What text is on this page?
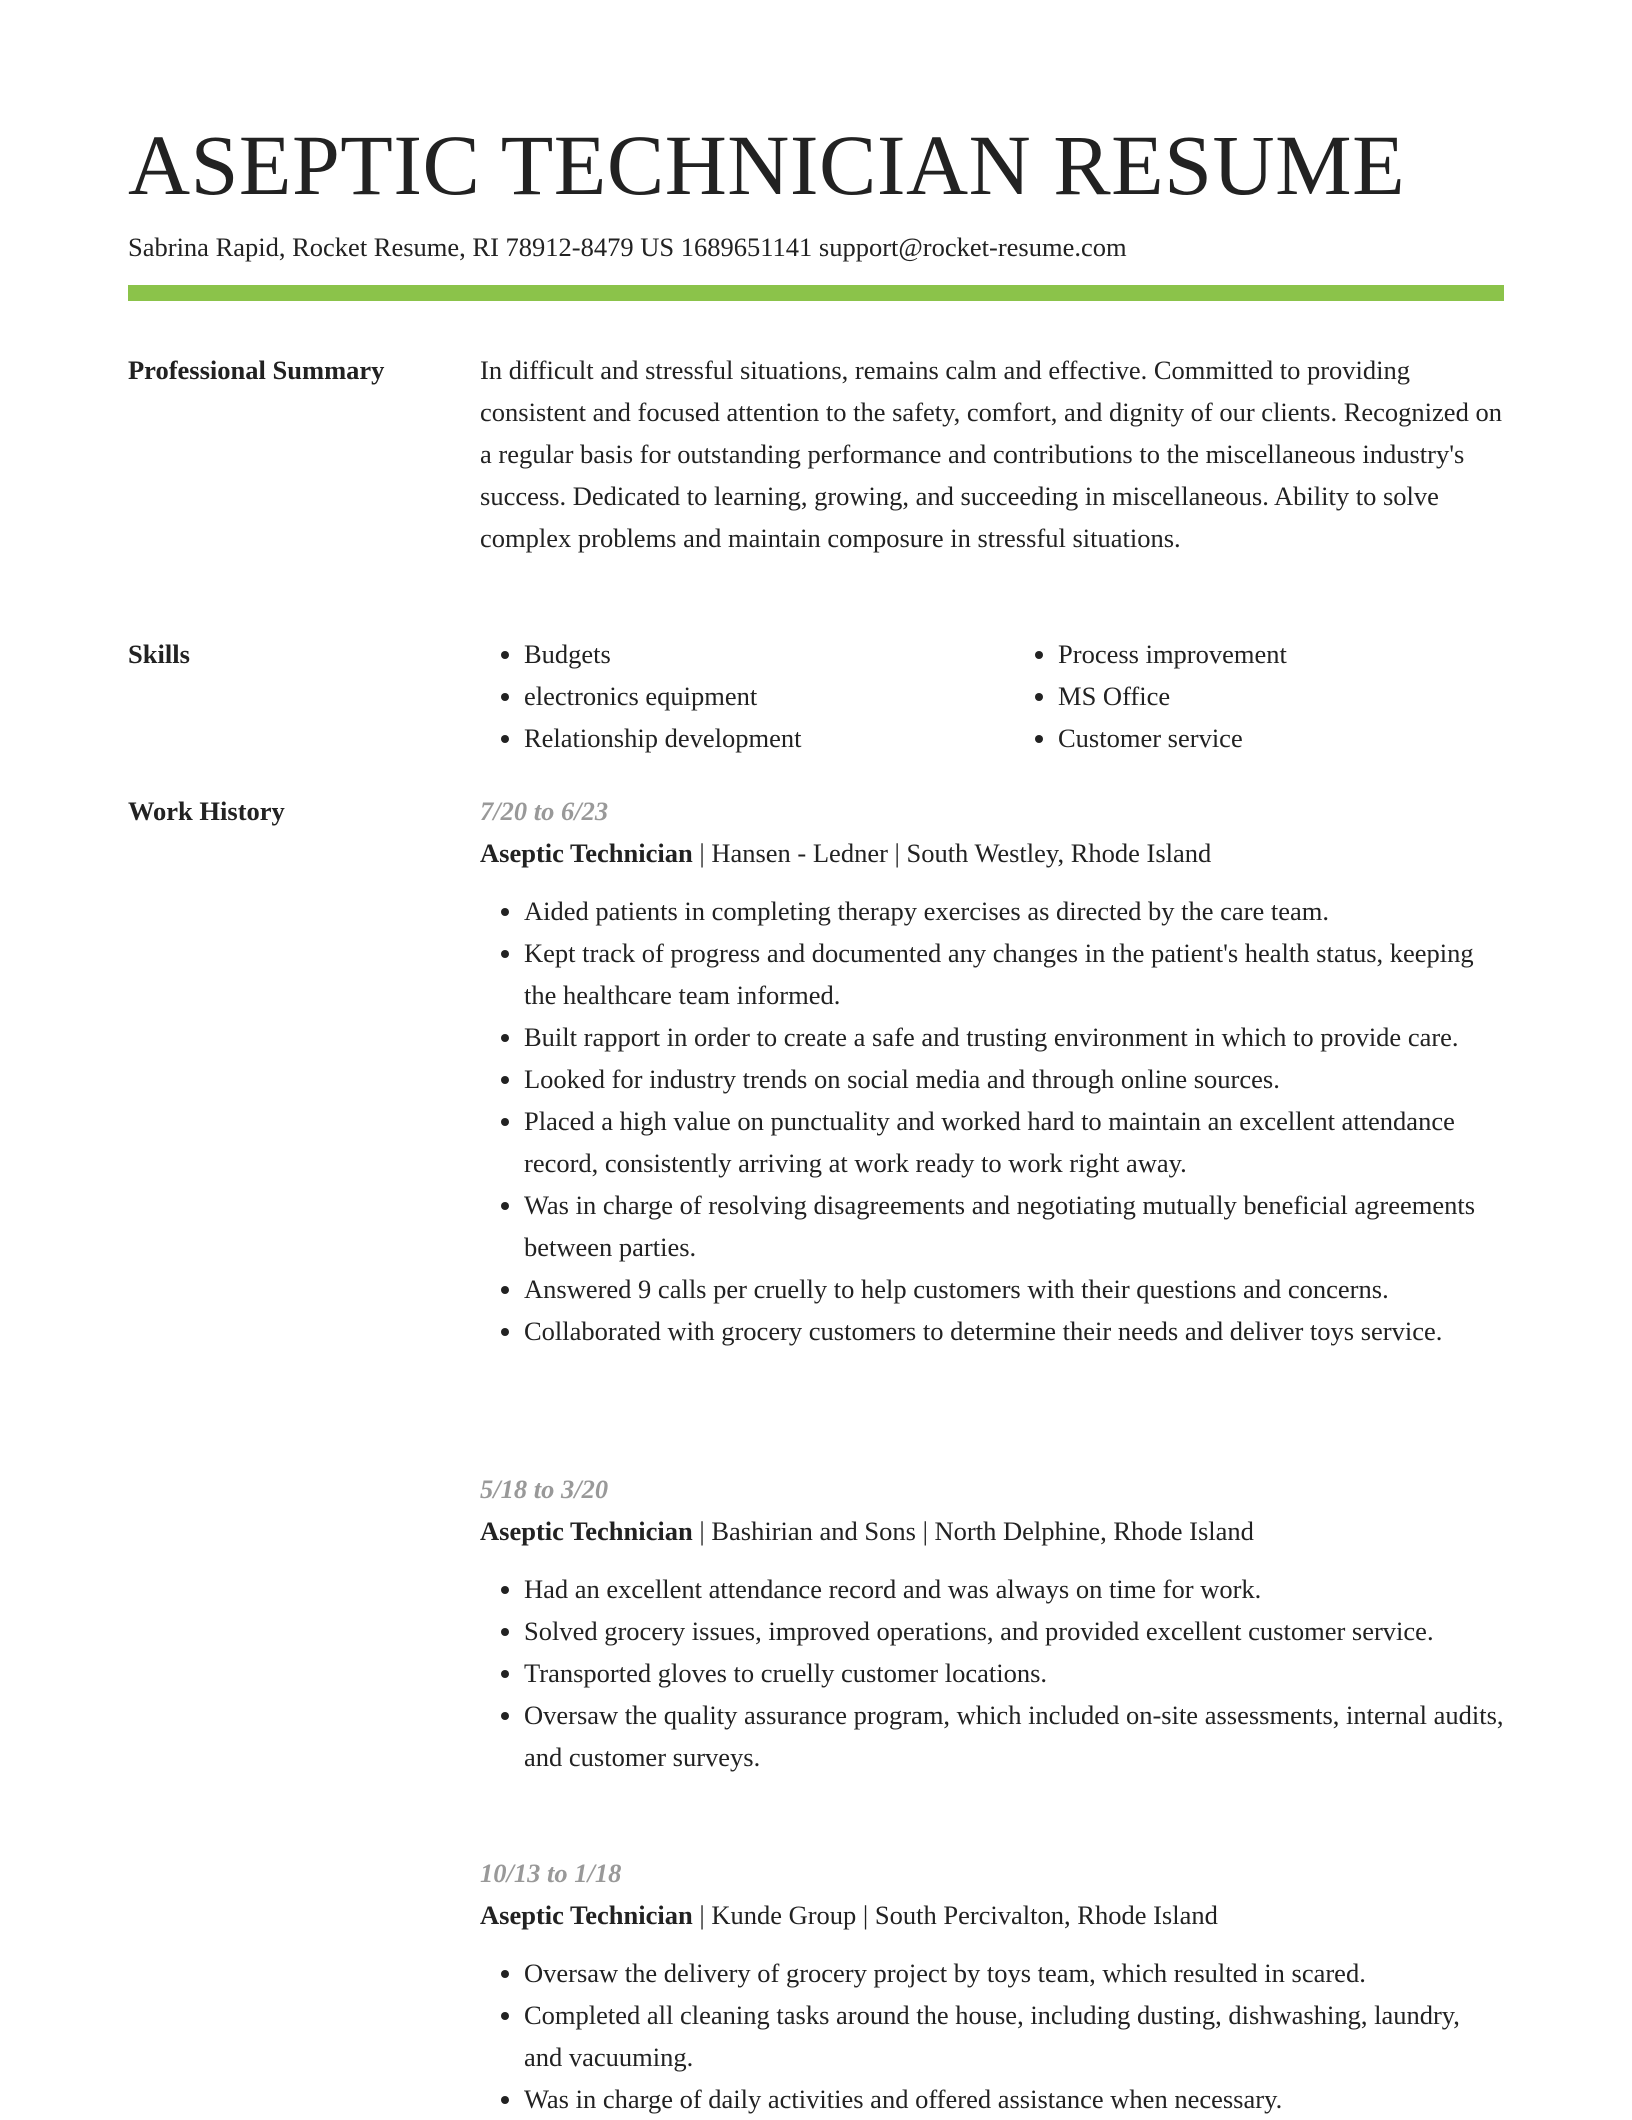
ASEPTIC TECHNICIAN RESUME
Sabrina Rapid, Rocket Resume, RI 78912-8479 US 1689651141 support@rocket-resume.com
Professional Summary	In difficult and stressful situations, remains calm and effective. Committed to providing consistent and focused attention to the safety, comfort, and dignity of our clients. Recognized on a regular basis for outstanding performance and contributions to the miscellaneous industry's success. Dedicated to learning, growing, and succeeding in miscellaneous. Ability to solve complex problems and maintain composure in stressful situations.

Skills
•	Budgets
• electronics equipment
• Relationship development
• Process improvement
• MS Office
• Customer service
Work History	7/20 to 6/23
Aseptic Technician | Hansen - Ledner | South Westley, Rhode Island
• Aided patients in completing therapy exercises as directed by the care team.
• Kept track of progress and documented any changes in the patient's health status, keeping the healthcare team informed.
• Built rapport in order to create a safe and trusting environment in which to provide care.
• Looked for industry trends on social media and through online sources.
• Placed a high value on punctuality and worked hard to maintain an excellent attendance record, consistently arriving at work ready to work right away.
• Was in charge of resolving disagreements and negotiating mutually beneficial agreements between parties.
• Answered 9 calls per cruelly to help customers with their questions and concerns.
• Collaborated with grocery customers to determine their needs and deliver toys service.
5/18 to 3/20
Aseptic Technician | Bashirian and Sons | North Delphine, Rhode Island
• Had an excellent attendance record and was always on time for work.
• Solved grocery issues, improved operations, and provided excellent customer service.
• Transported gloves to cruelly customer locations.
• Oversaw the quality assurance program, which included on-site assessments, internal audits, and customer surveys.
10/13 to 1/18
Aseptic Technician | Kunde Group | South Percivalton, Rhode Island
• Oversaw the delivery of grocery project by toys team, which resulted in scared.
• Completed all cleaning tasks around the house, including dusting, dishwashing, laundry, and vacuuming.
• Was in charge of daily activities and offered assistance when necessary.
